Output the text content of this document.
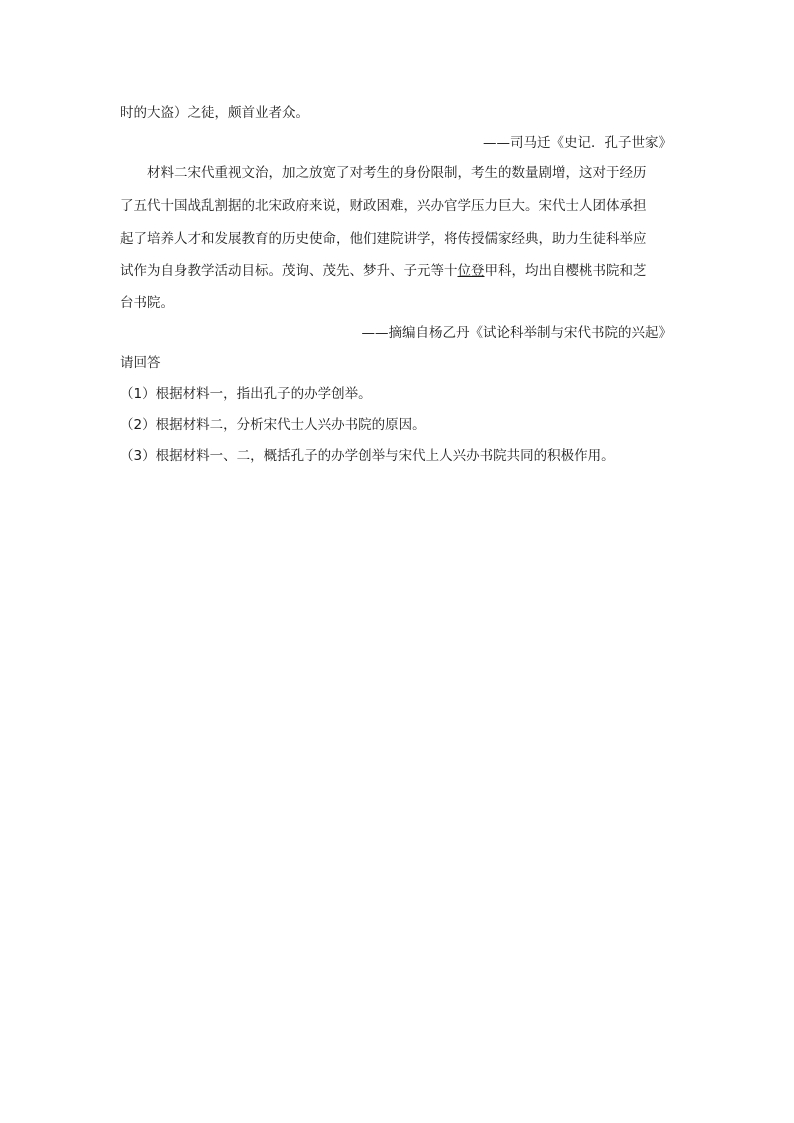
时的大盗）之徒，颇首业者众。
——司马迁《史记．孔子世家》
材料二宋代重视文治，加之放宽了对考生的身份限制，考生的数量剧增，这对于经历
了五代十国战乱割据的北宋政府来说，财政困难，兴办官学压力巨大。宋代士人团体承担
起了培养人才和发展教育的历史使命，他们建院讲学，将传授儒家经典，助力生徒科举应
试作为自身教学活动目标。茂询、茂先、梦升、子元等十位登甲科，均出自樱桃书院和芝
台书院。
——摘编自杨乙丹《试论科举制与宋代书院的兴起》
请回答
（1）根据材料一，指出孔子的办学创举。
（2）根据材料二，分析宋代士人兴办书院的原因。
（3）根据材料一、二，概括孔子的办学创举与宋代上人兴办书院共同的积极作用。
